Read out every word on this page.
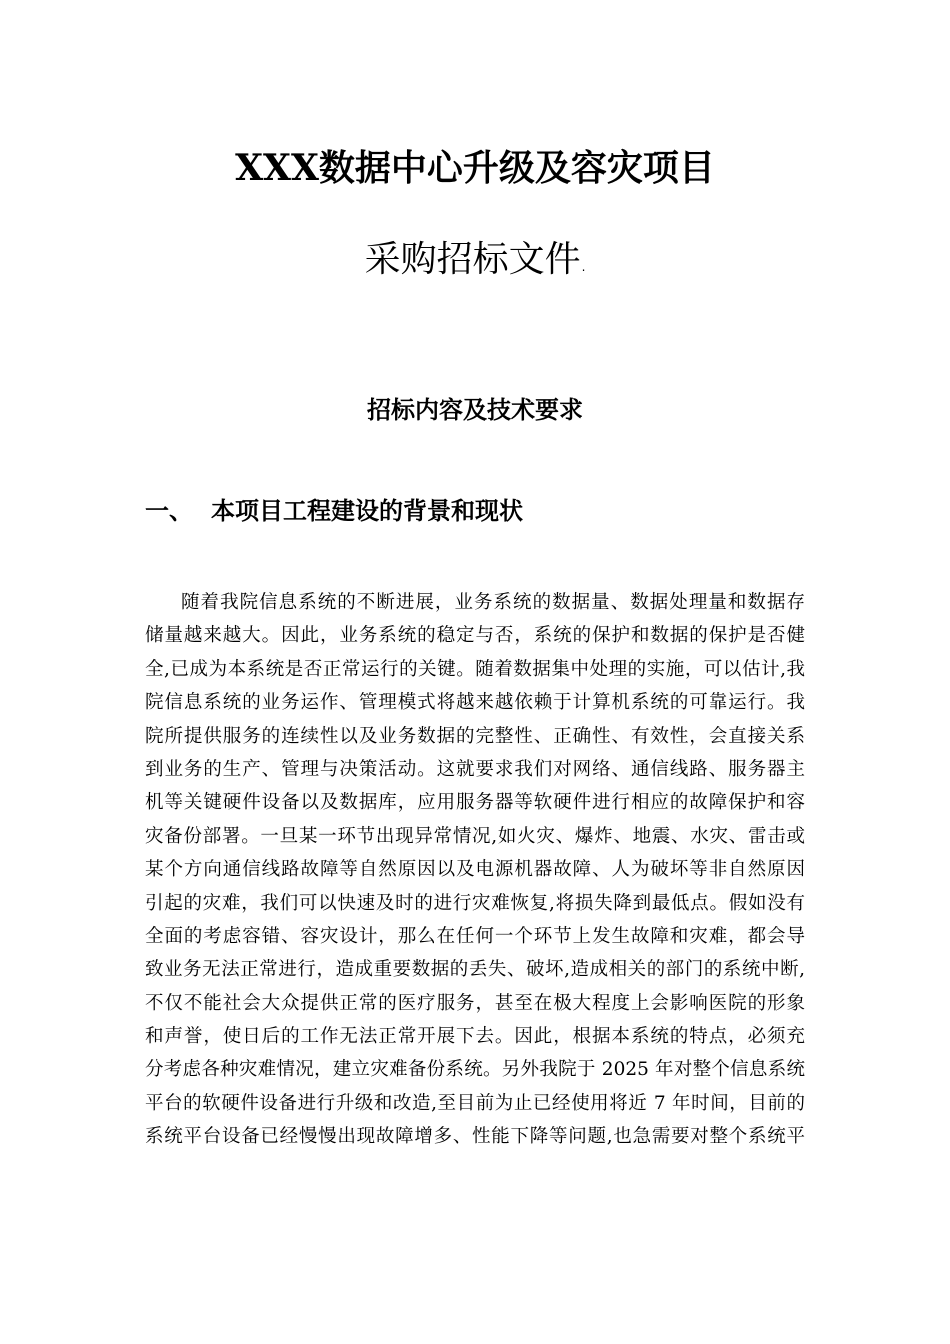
XXX数据中心升级及容灾项目
采购招标文件.
招标内容及技术要求
一、 本项目工程建设的背景和现状
随着我院信息系统的不断进展，业务系统的数据量、数据处理量和数据存
储量越来越大。因此，业务系统的稳定与否，系统的保护和数据的保护是否健
全,已成为本系统是否正常运行的关键。随着数据集中处理的实施，可以估计,我
院信息系统的业务运作、管理模式将越来越依赖于计算机系统的可靠运行。我
院所提供服务的连续性以及业务数据的完整性、正确性、有效性，会直接关系
到业务的生产、管理与决策活动。这就要求我们对网络、通信线路、服务器主
机等关键硬件设备以及数据库，应用服务器等软硬件进行相应的故障保护和容
灾备份部署。一旦某一环节出现异常情况,如火灾、爆炸、地震、水灾、雷击或
某个方向通信线路故障等自然原因以及电源机器故障、人为破坏等非自然原因
引起的灾难，我们可以快速及时的进行灾难恢复,将损失降到最低点。假如没有
全面的考虑容错、容灾设计，那么在任何一个环节上发生故障和灾难，都会导
致业务无法正常进行，造成重要数据的丢失、破坏,造成相关的部门的系统中断,
不仅不能社会大众提供正常的医疗服务，甚至在极大程度上会影响医院的形象
和声誉，使日后的工作无法正常开展下去。因此，根据本系统的特点，必须充
分考虑各种灾难情况，建立灾难备份系统。另外我院于 2025 年对整个信息系统
平台的软硬件设备进行升级和改造,至目前为止已经使用将近 7 年时间，目前的
系统平台设备已经慢慢出现故障增多、性能下降等问题,也急需要对整个系统平
